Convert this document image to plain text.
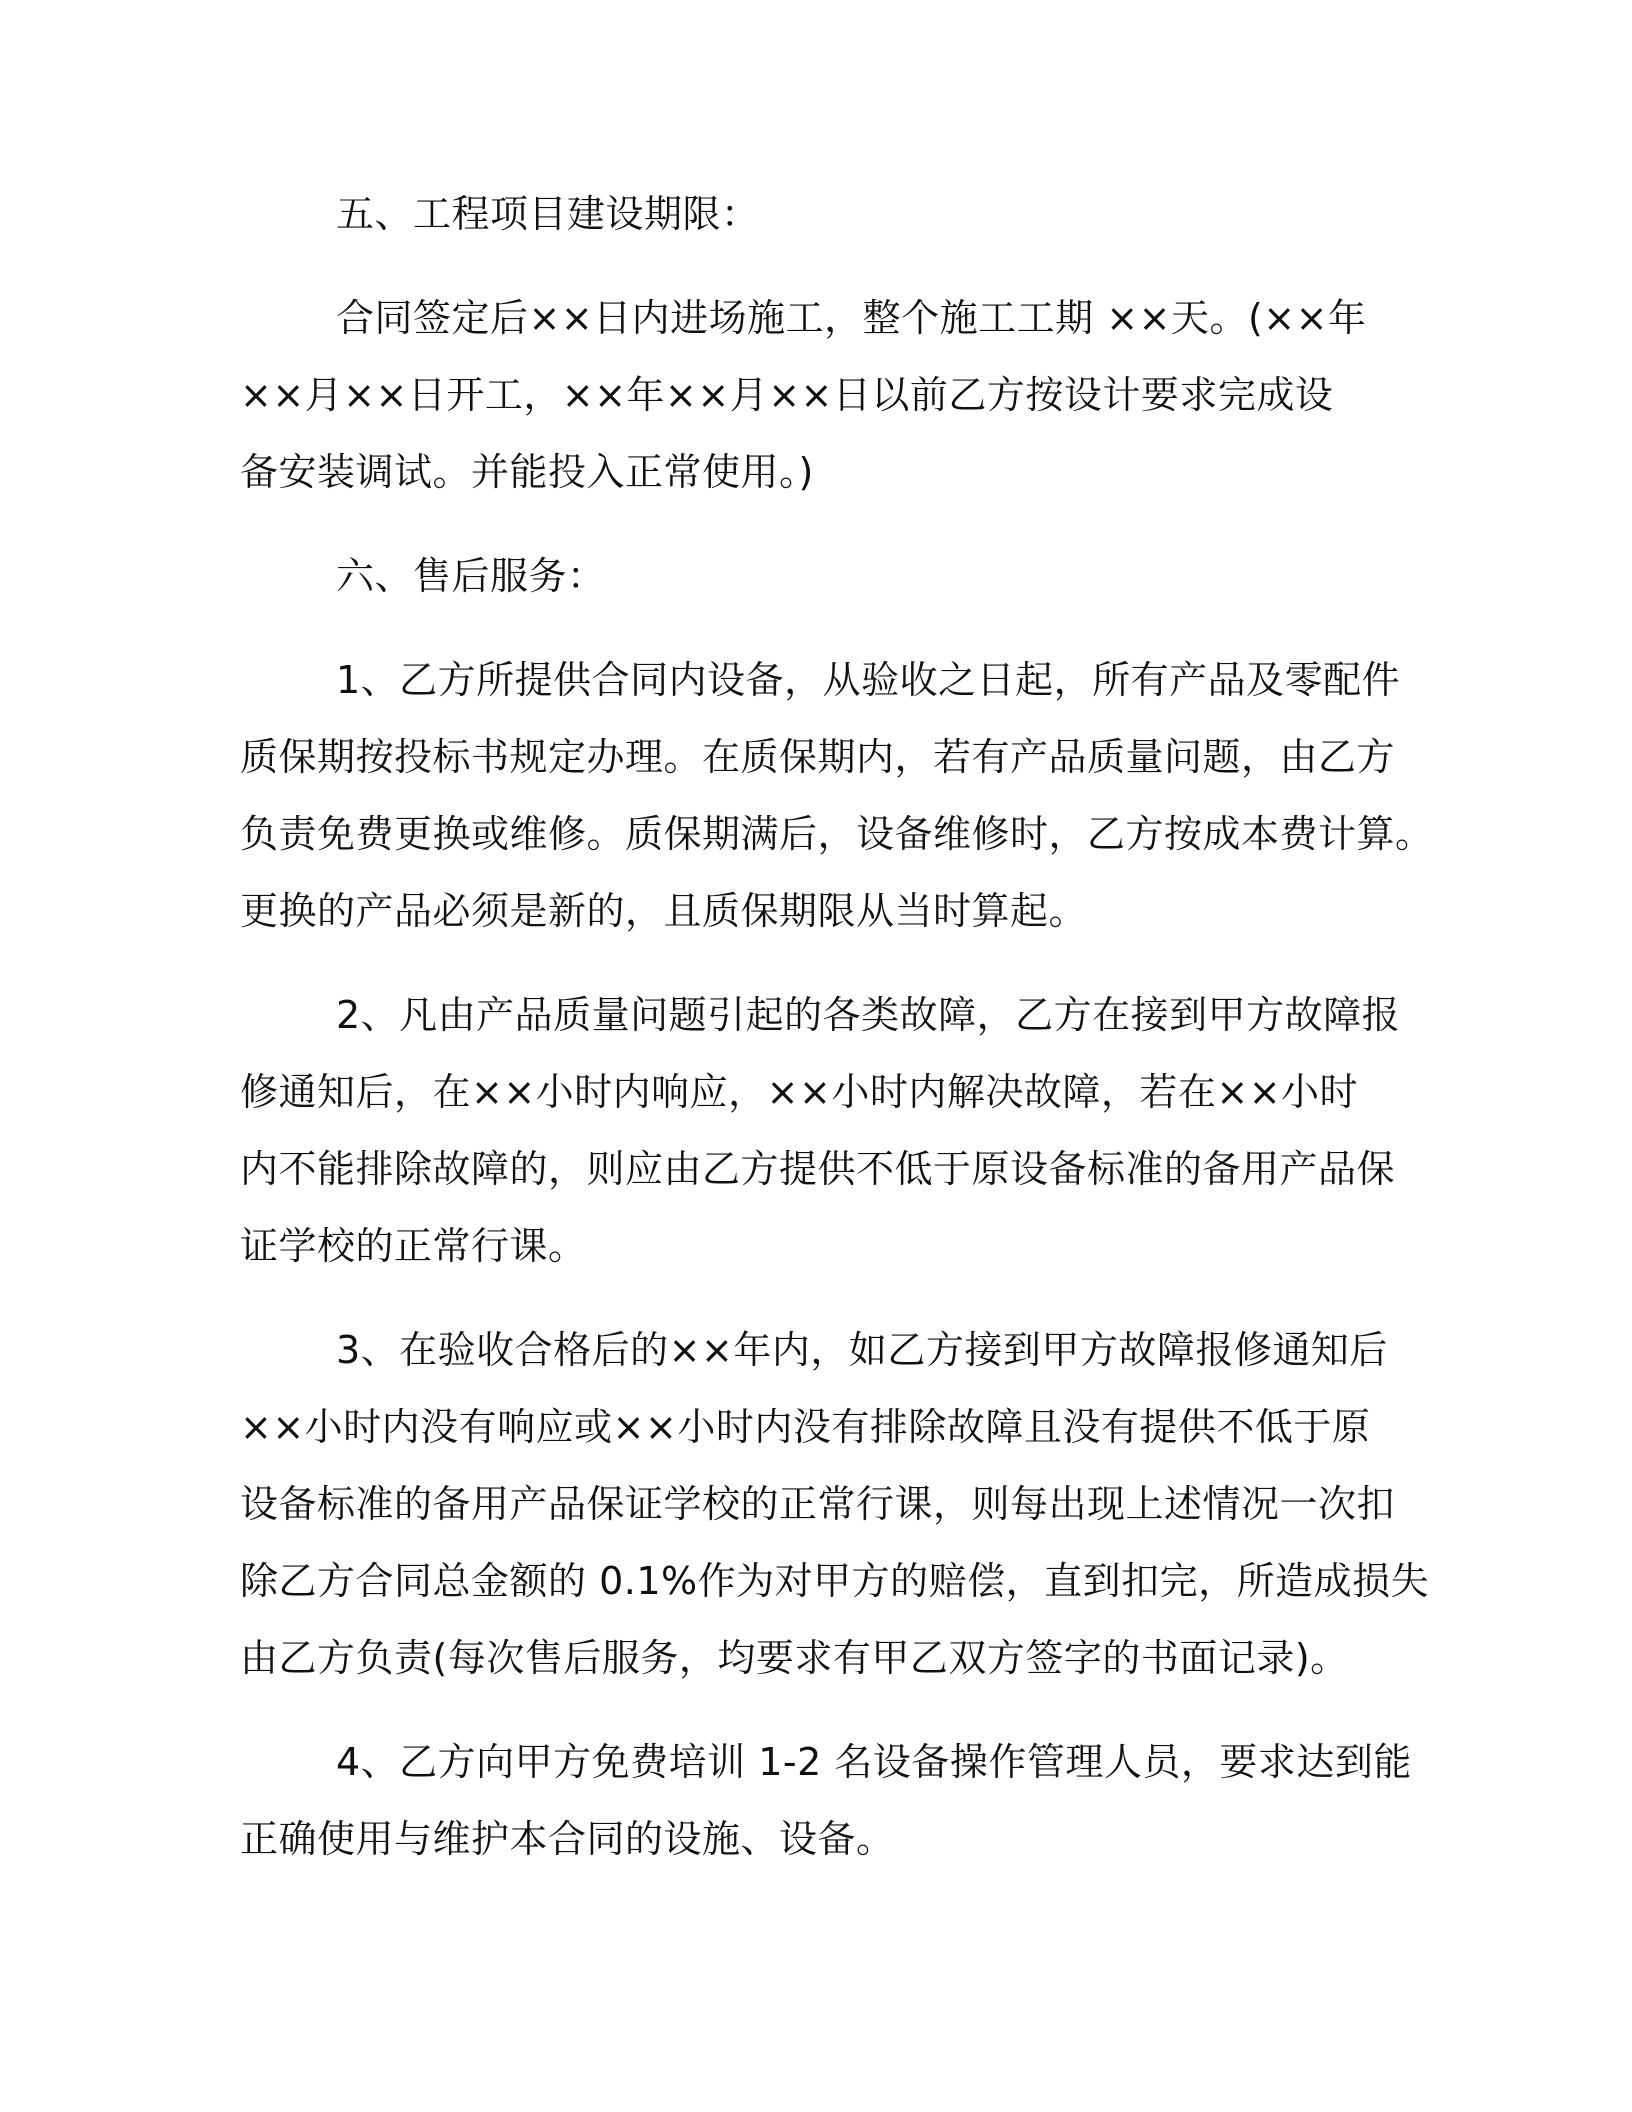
五、工程项目建设期限：
合同签定后××日内进场施工，整个施工工期 ××天。(××年
××月××日开工，××年××月××日以前乙方按设计要求完成设
备安装调试。并能投入正常使用。)
六、售后服务：
1、乙方所提供合同内设备，从验收之日起，所有产品及零配件
质保期按投标书规定办理。在质保期内，若有产品质量问题，由乙方
负责免费更换或维修。质保期满后，设备维修时，乙方按成本费计算。
更换的产品必须是新的，且质保期限从当时算起。
2、凡由产品质量问题引起的各类故障，乙方在接到甲方故障报
修通知后，在××小时内响应，××小时内解决故障，若在××小时
内不能排除故障的，则应由乙方提供不低于原设备标准的备用产品保
证学校的正常行课。
3、在验收合格后的××年内，如乙方接到甲方故障报修通知后
××小时内没有响应或××小时内没有排除故障且没有提供不低于原
设备标准的备用产品保证学校的正常行课，则每出现上述情况一次扣
除乙方合同总金额的 0.1%作为对甲方的赔偿，直到扣完，所造成损失
由乙方负责(每次售后服务，均要求有甲乙双方签字的书面记录)。
4、乙方向甲方免费培训 1-2 名设备操作管理人员，要求达到能
正确使用与维护本合同的设施、设备。
